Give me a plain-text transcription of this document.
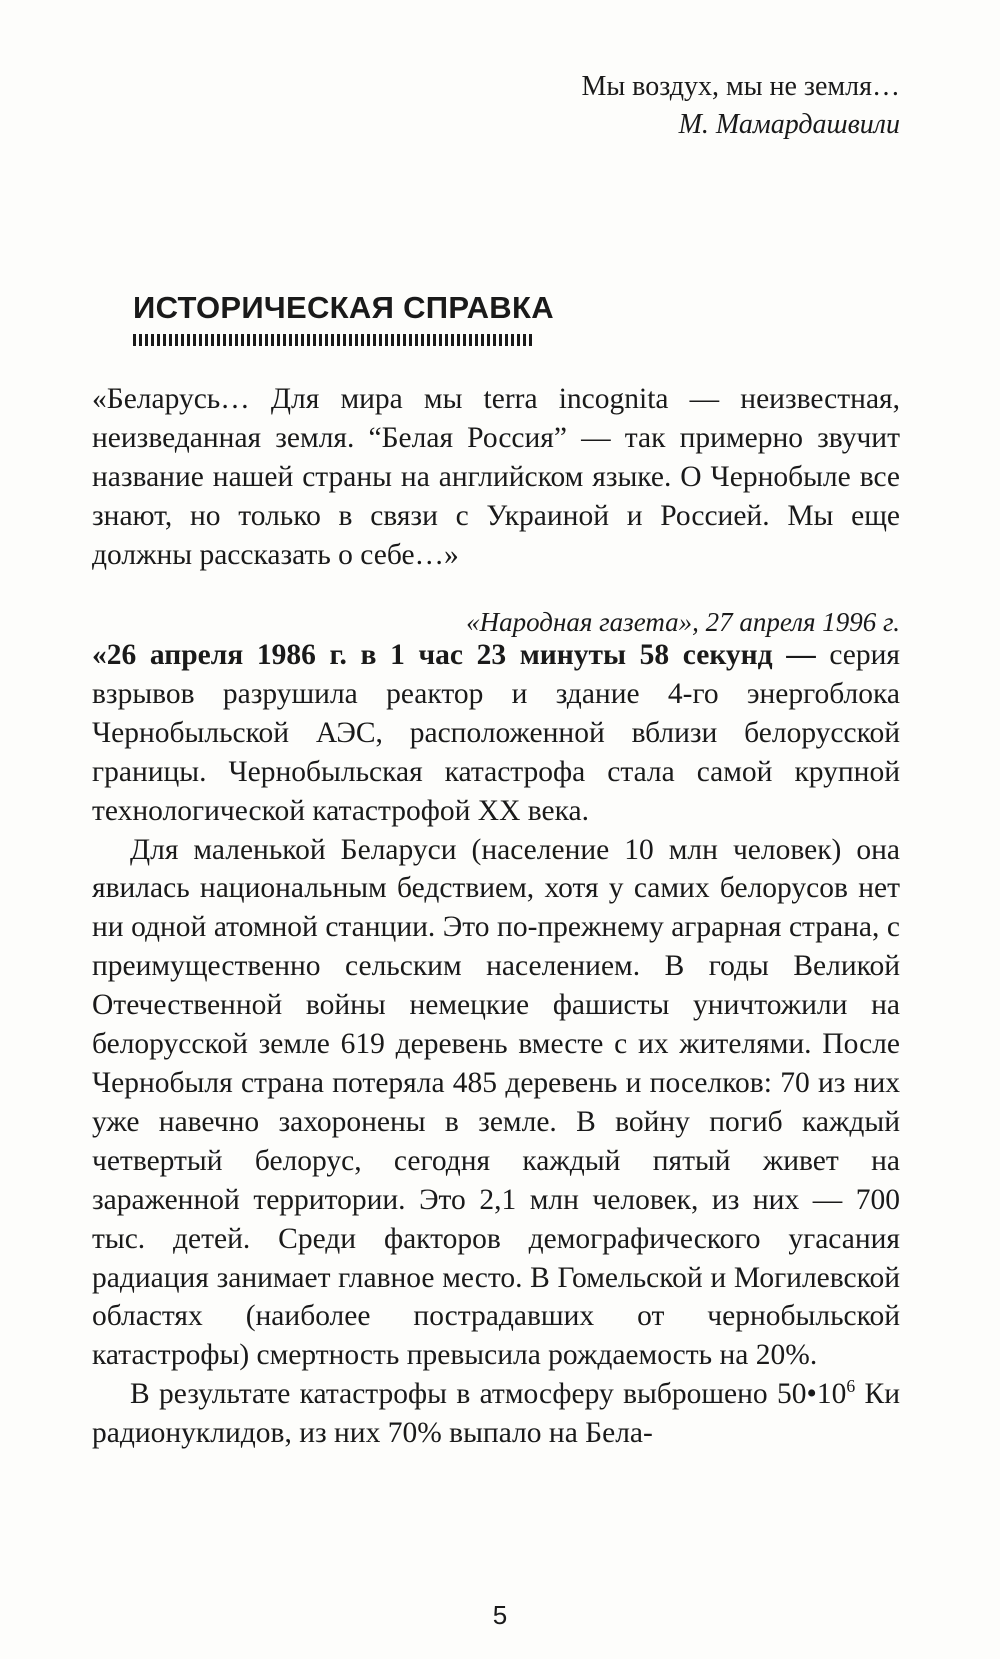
Мы воздух, мы не земля…
М. Мамардашвили
ИСТОРИЧЕСКАЯ СПРАВКА

«Беларусь… Для мира мы terra incognita — неизвестная, неизведанная земля. “Белая Россия” — так примерно звучит название нашей страны на английском языке. О Чернобыле все знают, но только в связи с Украиной и Россией. Мы еще должны рассказать о себе…»

«Народная газета», 27 апреля 1996 г.

«26 апреля 1986 г. в 1 час 23 минуты 58 секунд — серия взрывов разрушила реактор и здание 4-го энергоблока Чернобыльской АЭС, расположенной вблизи белорусской границы. Чернобыльская катастрофа стала самой крупной технологической катастрофой XX века.

Для маленькой Беларуси (население 10 млн человек) она явилась национальным бедствием, хотя у самих белорусов нет ни одной атомной станции. Это по-прежнему аграрная страна, с преимущественно сельским населением. В годы Великой Отечественной войны немецкие фашисты уничтожили на белорусской земле 619 деревень вместе с их жителями. После Чернобыля страна потеряла 485 деревень и поселков: 70 из них уже навечно захоронены в земле. В войну погиб каждый четвертый белорус, сегодня каждый пятый живет на зараженной территории. Это 2,1 млн человек, из них — 700 тыс. детей. Среди факторов демографического угасания радиация занимает главное место. В Гомельской и Могилевской областях (наиболее пострадавших от чернобыльской катастрофы) смертность превысила рождаемость на 20%.

В результате катастрофы в атмосферу выброшено $50•10^6$ Ки радионуклидов, из них 70% выпало на Бела-

5
